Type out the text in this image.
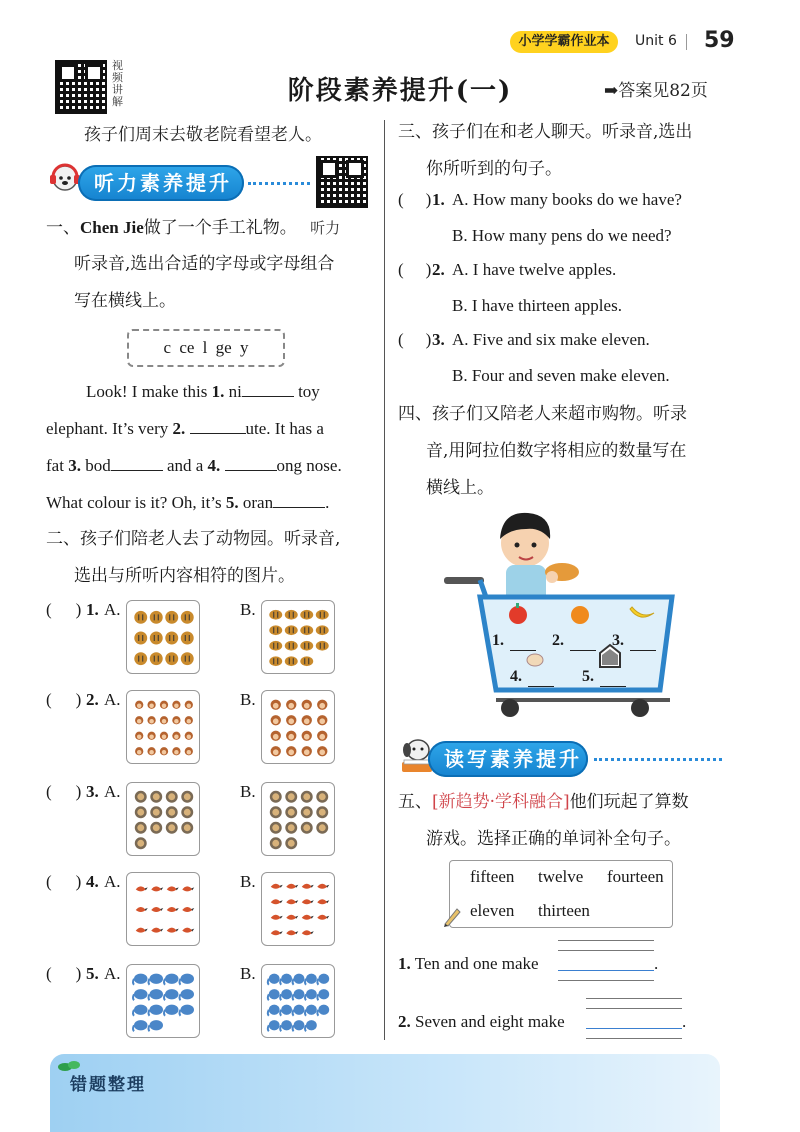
小学学霸作业本	Unit 6 59
视频讲解	阶段素养提升(一)	➡答案见82页
孩子们周末去敬老院看望老人。
听力素养提升
一、Chen Jie做了一个手工礼物。 听力
听录音,选出合适的字母或字母组合
写在横线上。
c ce l ge y
Look! I make this 1. ni	toy
elephant. It’s very 2.	ute. It has a
fat 3. bod	and a 4.	ong nose.
What colour is it? Oh, it’s 5. oran	.
二、孩子们陪老人去了动物园。听录音,
选出与所听内容相符的图片。
( ) 1. A.	B.
( ) 2. A.	B.
( ) 3. A.	B.
( ) 4. A.	B.
( ) 5. A.	B.
三、孩子们在和老人聊天。听录音,选出
你所听到的句子。
( ) 1. A. How many books do we have?
B. How many pens do we need?
( ) 2. A. I have twelve apples.
B. I have thirteen apples.
( ) 3. A. Five and six make eleven.
B. Four and seven make eleven.
四、孩子们又陪老人来超市购物。听录
音,用阿拉伯数字将相应的数量写在
横线上。
1.	2.	3.
4.	5.
读写素养提升
五、[新趋势·学科融合]他们玩起了算数
游戏。选择正确的单词补全句子。
fifteen twelve fourteen
eleven thirteen
1. Ten and one make	.
2. Seven and eight make	.
错题整理
